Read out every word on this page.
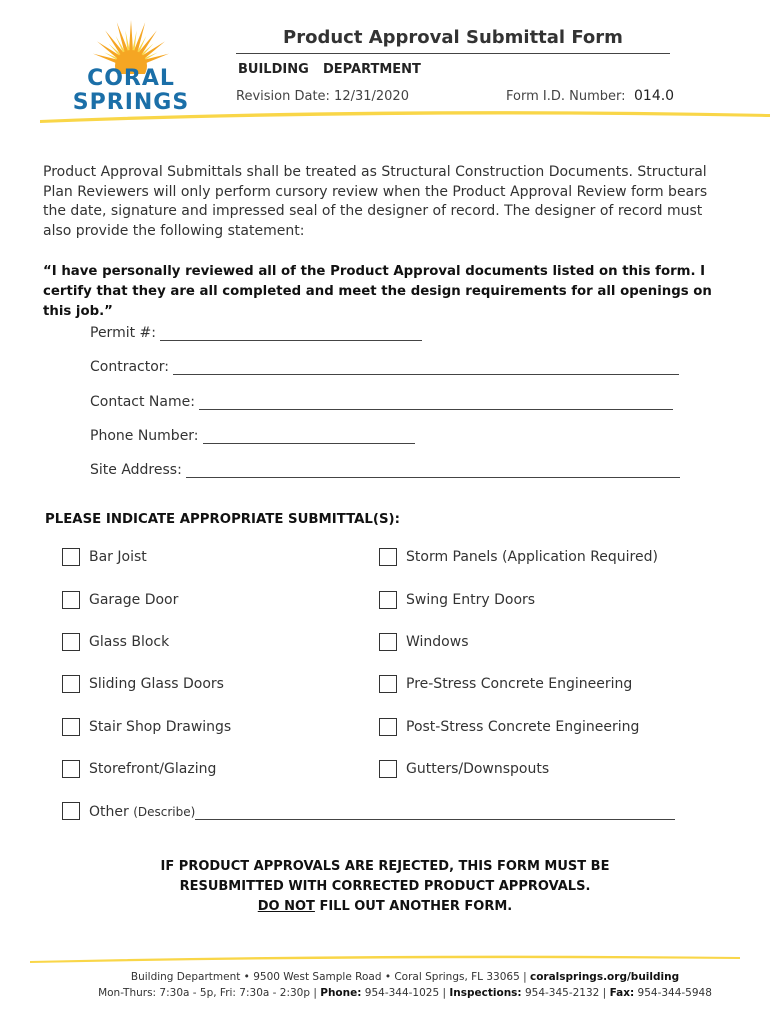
CORAL
SPRINGS
Product Approval Submittal Form
BUILDING DEPARTMENT
Revision Date: 12/31/2020	Form I.D. Number: 014.0
Product Approval Submittals shall be treated as Structural Construction Documents. Structural Plan Reviewers will only perform cursory review when the Product Approval Review form bears the date, signature and impressed seal of the designer of record. The designer of record must also provide the following statement:
“I have personally reviewed all of the Product Approval documents listed on this form. I certify that they are all completed and meet the design requirements for all openings on this job.”
Permit #:
Contractor:
Contact Name:
Phone Number:
Site Address:
PLEASE INDICATE APPROPRIATE SUBMITTAL(S):
Bar Joist
Garage Door
Glass Block
Sliding Glass Doors
Stair Shop Drawings
Storefront/Glazing
Storm Panels (Application Required)
Swing Entry Doors
Windows
Pre-Stress Concrete Engineering
Post-Stress Concrete Engineering
Gutters/Downspouts
Other (Describe)
IF PRODUCT APPROVALS ARE REJECTED, THIS FORM MUST BE
RESUBMITTED WITH CORRECTED PRODUCT APPROVALS.
DO NOT FILL OUT ANOTHER FORM.
Building Department • 9500 West Sample Road • Coral Springs, FL 33065 | coralsprings.org/building
Mon-Thurs: 7:30a - 5p, Fri: 7:30a - 2:30p | Phone: 954-344-1025 | Inspections: 954-345-2132 | Fax: 954-344-5948
